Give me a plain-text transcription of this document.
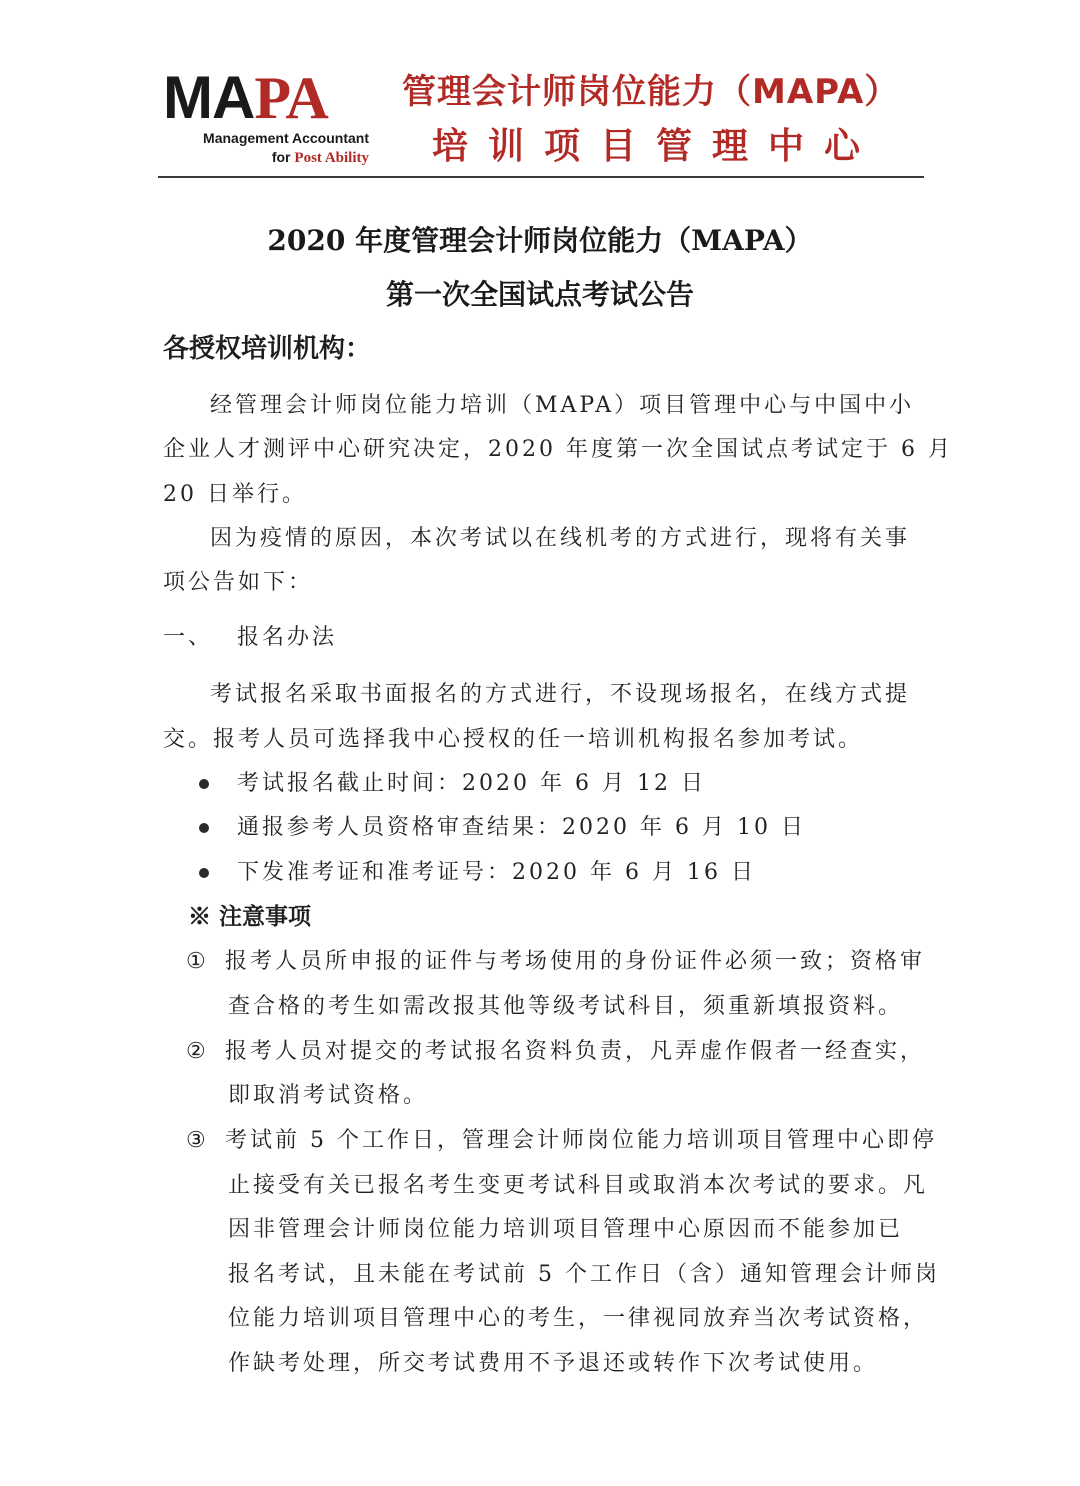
MAPA
Management Accountant
for Post Ability
管理会计师岗位能力（MAPA）
培训项目管理中心
2020 年度管理会计师岗位能力（MAPA）
第一次全国试点考试公告
各授权培训机构：
经管理会计师岗位能力培训（MAPA）项目管理中心与中国中小
企业人才测评中心研究决定，2020 年度第一次全国试点考试定于 6 月
20 日举行。
因为疫情的原因，本次考试以在线机考的方式进行，现将有关事
项公告如下：
一、 报名办法
考试报名采取书面报名的方式进行，不设现场报名，在线方式提
交。报考人员可选择我中心授权的任一培训机构报名参加考试。
考试报名截止时间：2020 年 6 月 12 日
通报参考人员资格审查结果：2020 年 6 月 10 日
下发准考证和准考证号：2020 年 6 月 16 日
※ 注意事项
① 报考人员所申报的证件与考场使用的身份证件必须一致；资格审
查合格的考生如需改报其他等级考试科目，须重新填报资料。
② 报考人员对提交的考试报名资料负责，凡弄虚作假者一经查实，
即取消考试资格。
③ 考试前 5 个工作日，管理会计师岗位能力培训项目管理中心即停
止接受有关已报名考生变更考试科目或取消本次考试的要求。凡
因非管理会计师岗位能力培训项目管理中心原因而不能参加已
报名考试，且未能在考试前 5 个工作日（含）通知管理会计师岗
位能力培训项目管理中心的考生，一律视同放弃当次考试资格，
作缺考处理，所交考试费用不予退还或转作下次考试使用。
